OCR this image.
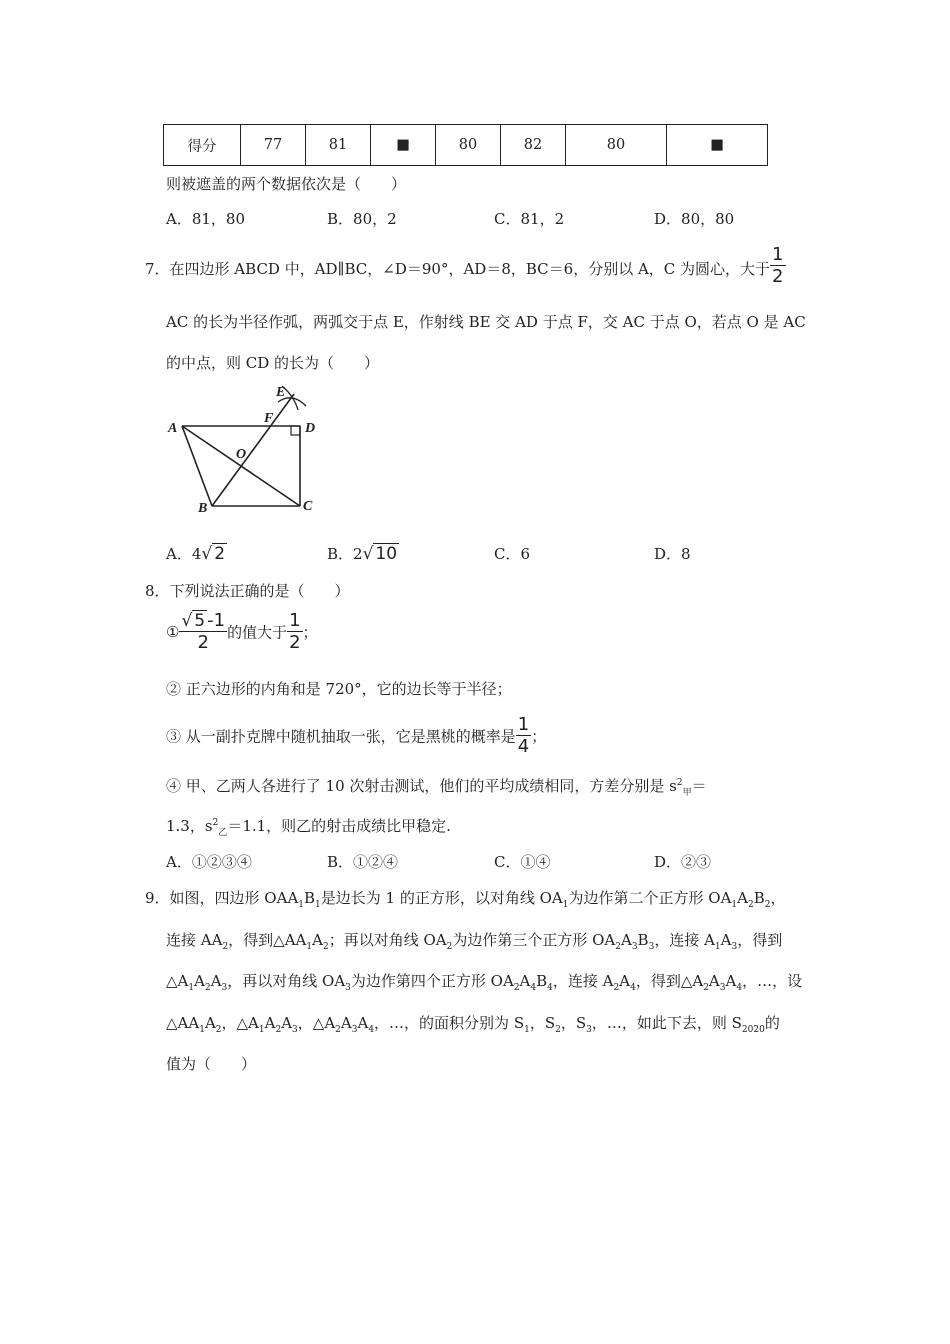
得分	77	81	■	80	82	80	■
则被遮盖的两个数据依次是（　　）
A．81，80	B．80，2	C．81，2	D．80，80
7．在四边形 ABCD 中，AD∥BC，∠D＝90°，AD＝8，BC＝6，分别以 A，C 为圆心，大于 $\frac{1}{2}$
AC 的长为半径作弧，两弧交于点 E，作射线 BE 交 AD 于点 F，交 AC 于点 O，若点 O 是 AC
的中点，则 CD 的长为（　　）
E
F
A	D
O
B	C
A．4√ 2	B．2√ 10	C．6	D．8
8．下列说法正确的是（　　）
① $\frac{√ 5 -1}{2}$ 的值大于 $\frac{1}{2}$ ；
② 正六边形的内角和是 720°，它的边长等于半径；
③ 从一副扑克牌中随机抽取一张，它是黑桃的概率是 $\frac{1}{4}$ ；
④ 甲、乙两人各进行了 10 次射击测试，他们的平均成绩相同，方差分别是 $s^2_甲=$
1.3，$s^2_乙=1.1$，则乙的射击成绩比甲稳定.
A．①②③④	B．①②④	C．①④	D．②③
9．如图，四边形 $OAA_1B_1$是边长为 1 的正方形，以对角线 $OA_1$为边作第二个正方形 $OA_1A_2B_2$，
连接 $AA_2$，得到$\triangle AA_1A_2$；再以对角线 $OA_2$为边作第三个正方形 $OA_2A_3B_3$，连接 $A_1A_3$，得到
$\triangle A_1A_2A_3$，再以对角线 $OA_3$为边作第四个正方形 $OA_2A_4B_4$，连接 $A_2A_4$，得到$\triangle A_2A_3A_4$，…，设
$\triangle AA_1A_2$，$\triangle A_1A_2A_3$，$\triangle A_2A_3A_4$，…，的面积分别为 $S_1$，$S_2$，$S_3$，…，如此下去，则 $S_{2020}$的
值为（　　）
